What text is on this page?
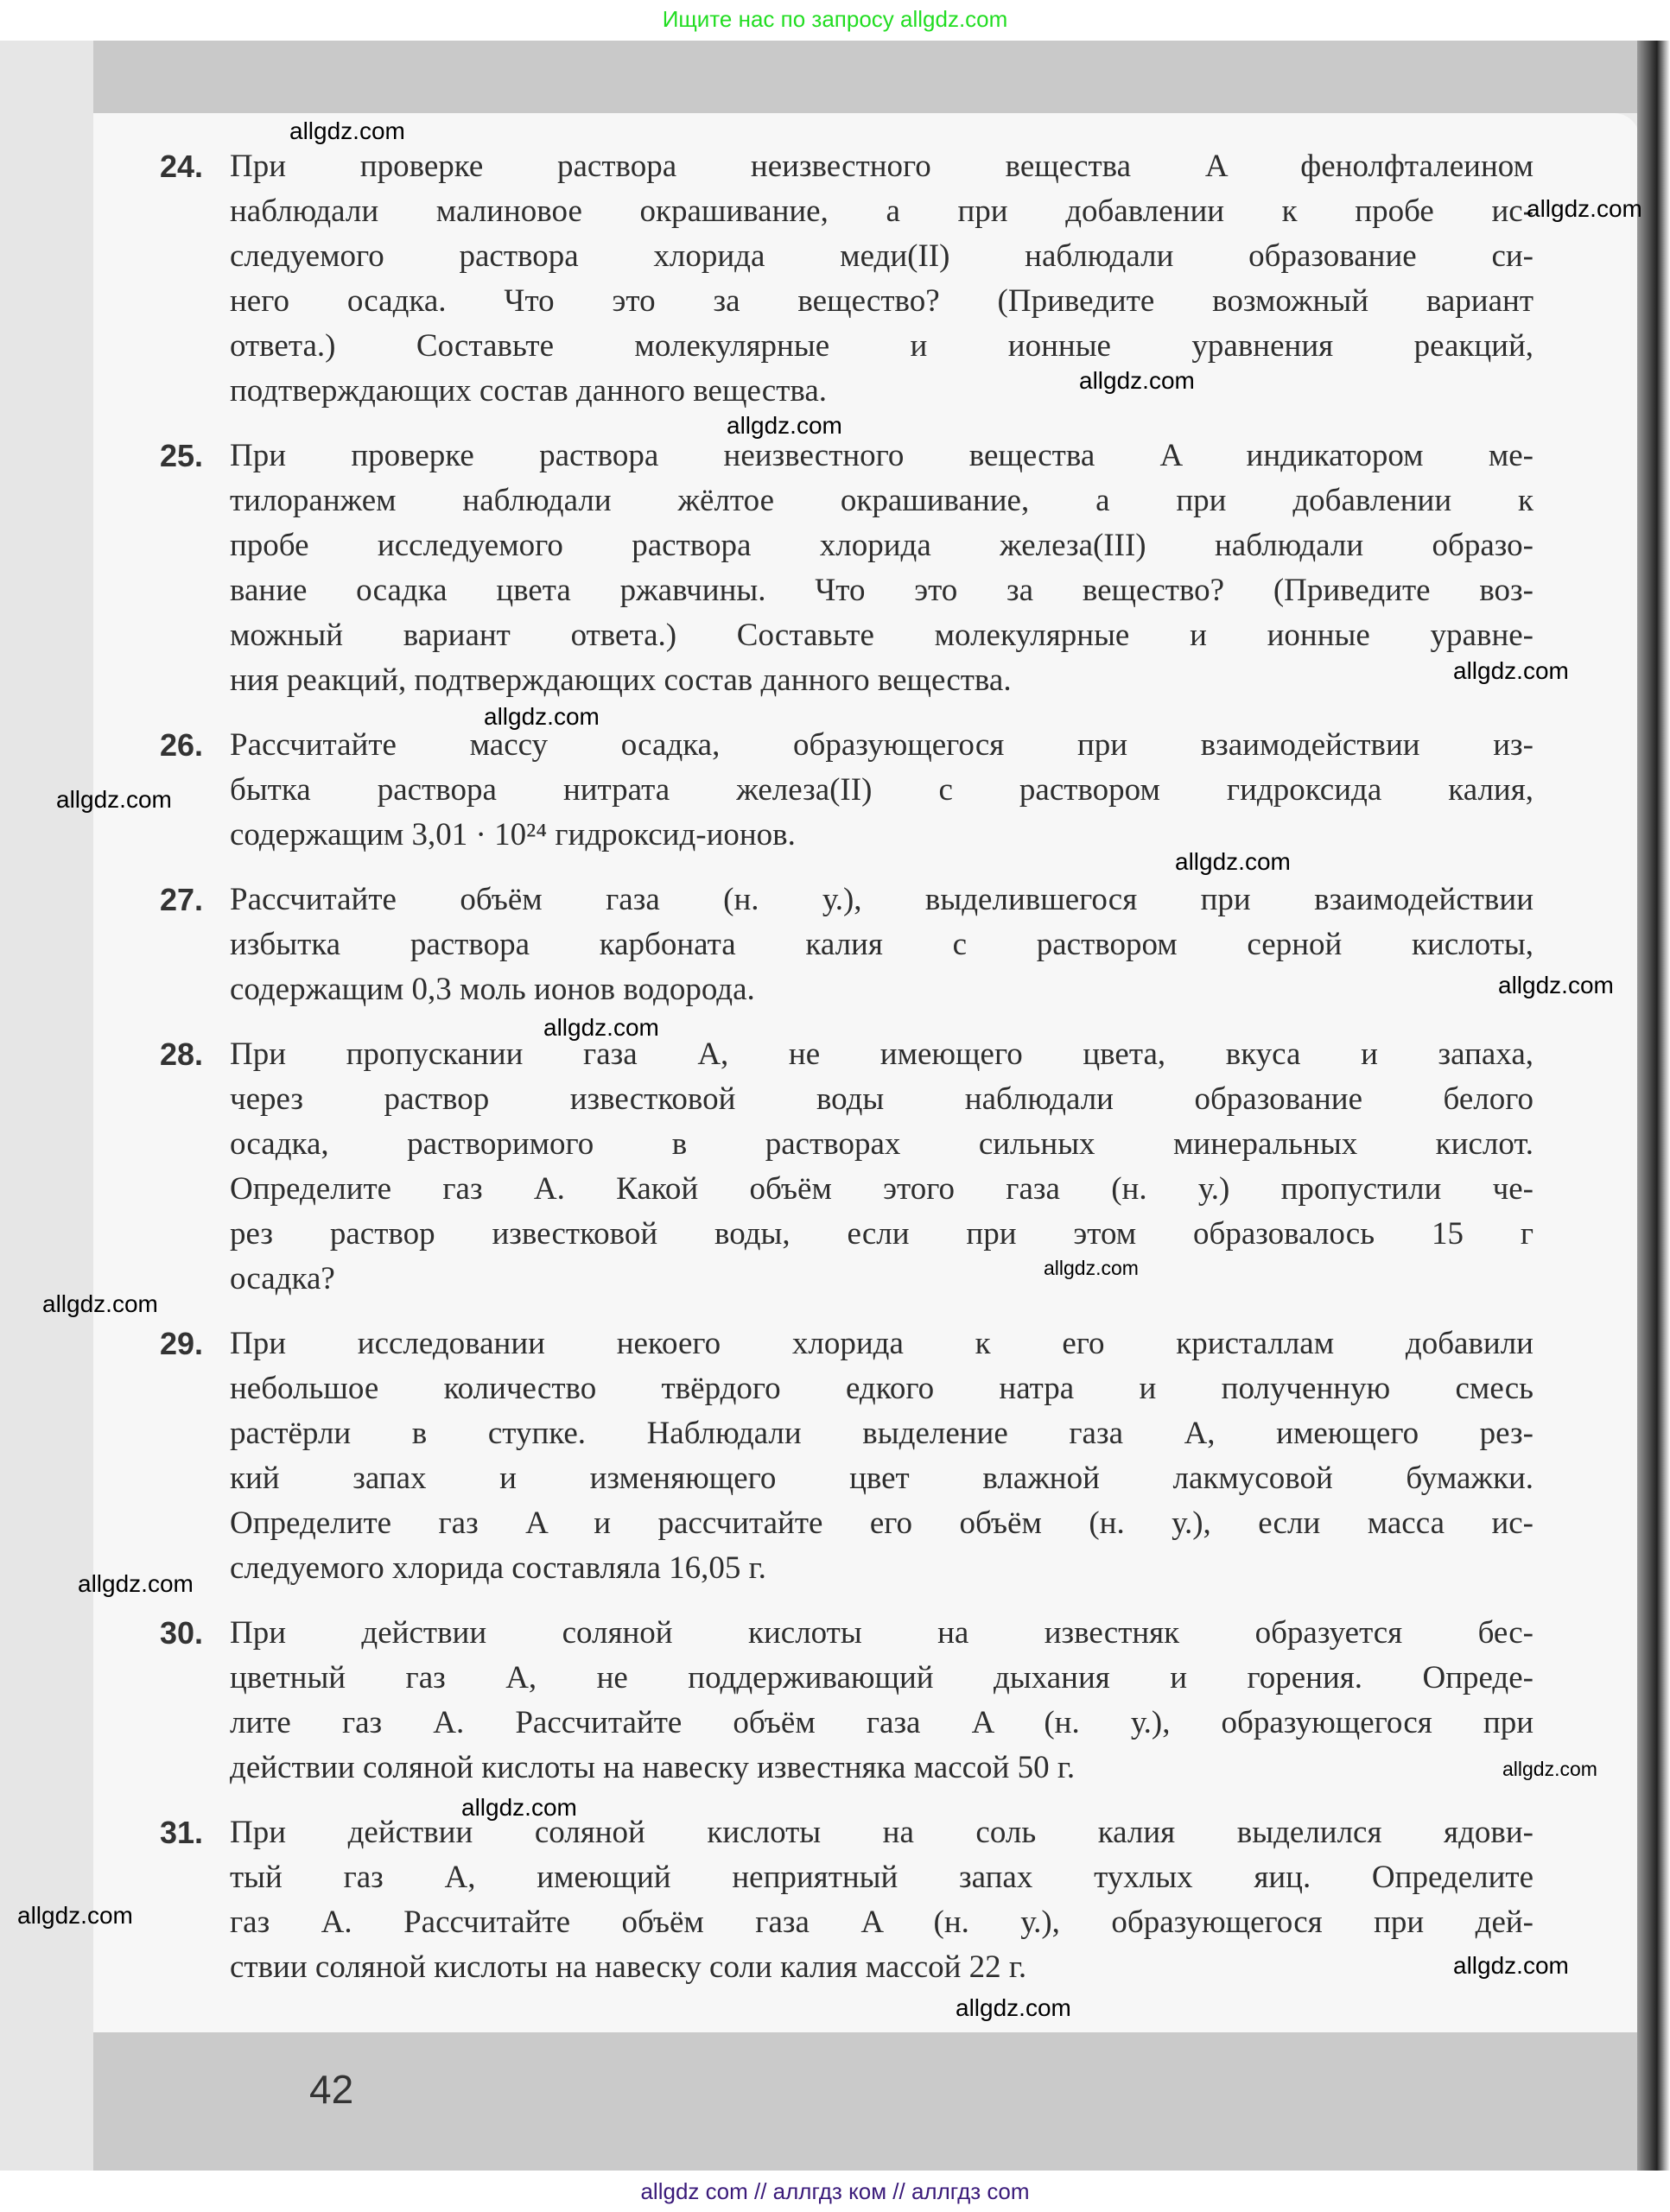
Ищите нас по запросу allgdz.com
24. При проверке раствора неизвестного вещества A фенолфталеином
наблюдали малиновое окрашивание, а при добавлении к пробе ис-
следуемого раствора хлорида меди(II) наблюдали образование си-
него осадка. Что это за вещество? (Приведите возможный вариант
ответа.) Составьте молекулярные и ионные уравнения реакций,
подтверждающих состав данного вещества.
25. При проверке раствора неизвестного вещества A индикатором ме-
тилоранжем наблюдали жёлтое окрашивание, а при добавлении к
пробе исследуемого раствора хлорида железа(III) наблюдали образо-
вание осадка цвета ржавчины. Что это за вещество? (Приведите воз-
можный вариант ответа.) Составьте молекулярные и ионные уравне-
ния реакций, подтверждающих состав данного вещества.
26. Рассчитайте массу осадка, образующегося при взаимодействии из-
бытка раствора нитрата железа(II) с раствором гидроксида калия,
содержащим 3,01 · 10²⁴ гидроксид-ионов.
27. Рассчитайте объём газа (н. у.), выделившегося при взаимодействии
избытка раствора карбоната калия с раствором серной кислоты,
содержащим 0,3 моль ионов водорода.
28. При пропускании газа A, не имеющего цвета, вкуса и запаха,
через раствор известковой воды наблюдали образование белого
осадка, растворимого в растворах сильных минеральных кислот.
Определите газ A. Какой объём этого газа (н. у.) пропустили че-
рез раствор известковой воды, если при этом образовалось 15 г
осадка?
29. При исследовании некоего хлорида к его кристаллам добавили
небольшое количество твёрдого едкого натра и полученную смесь
растёрли в ступке. Наблюдали выделение газа A, имеющего рез-
кий запах и изменяющего цвет влажной лакмусовой бумажки.
Определите газ A и рассчитайте его объём (н. у.), если масса ис-
следуемого хлорида составляла 16,05 г.
30. При действии соляной кислоты на известняк образуется бес-
цветный газ A, не поддерживающий дыхания и горения. Опреде-
лите газ A. Рассчитайте объём газа A (н. у.), образующегося при
действии соляной кислоты на навеску известняка массой 50 г.
31. При действии соляной кислоты на соль калия выделился ядови-
тый газ A, имеющий неприятный запах тухлых яиц. Определите
газ A. Рассчитайте объём газа A (н. у.), образующегося при дей-
ствии соляной кислоты на навеску соли калия массой 22 г.
allgdz.com
allgdz.com
allgdz.com
allgdz.com
allgdz.com
allgdz.com
allgdz.com
allgdz.com
allgdz.com
allgdz.com
allgdz.com
allgdz.com
allgdz.com
allgdz.com
allgdz.com
allgdz.com
allgdz.com
allgdz.com
42
allgdz com // аллгдз ком // аллгдз com
